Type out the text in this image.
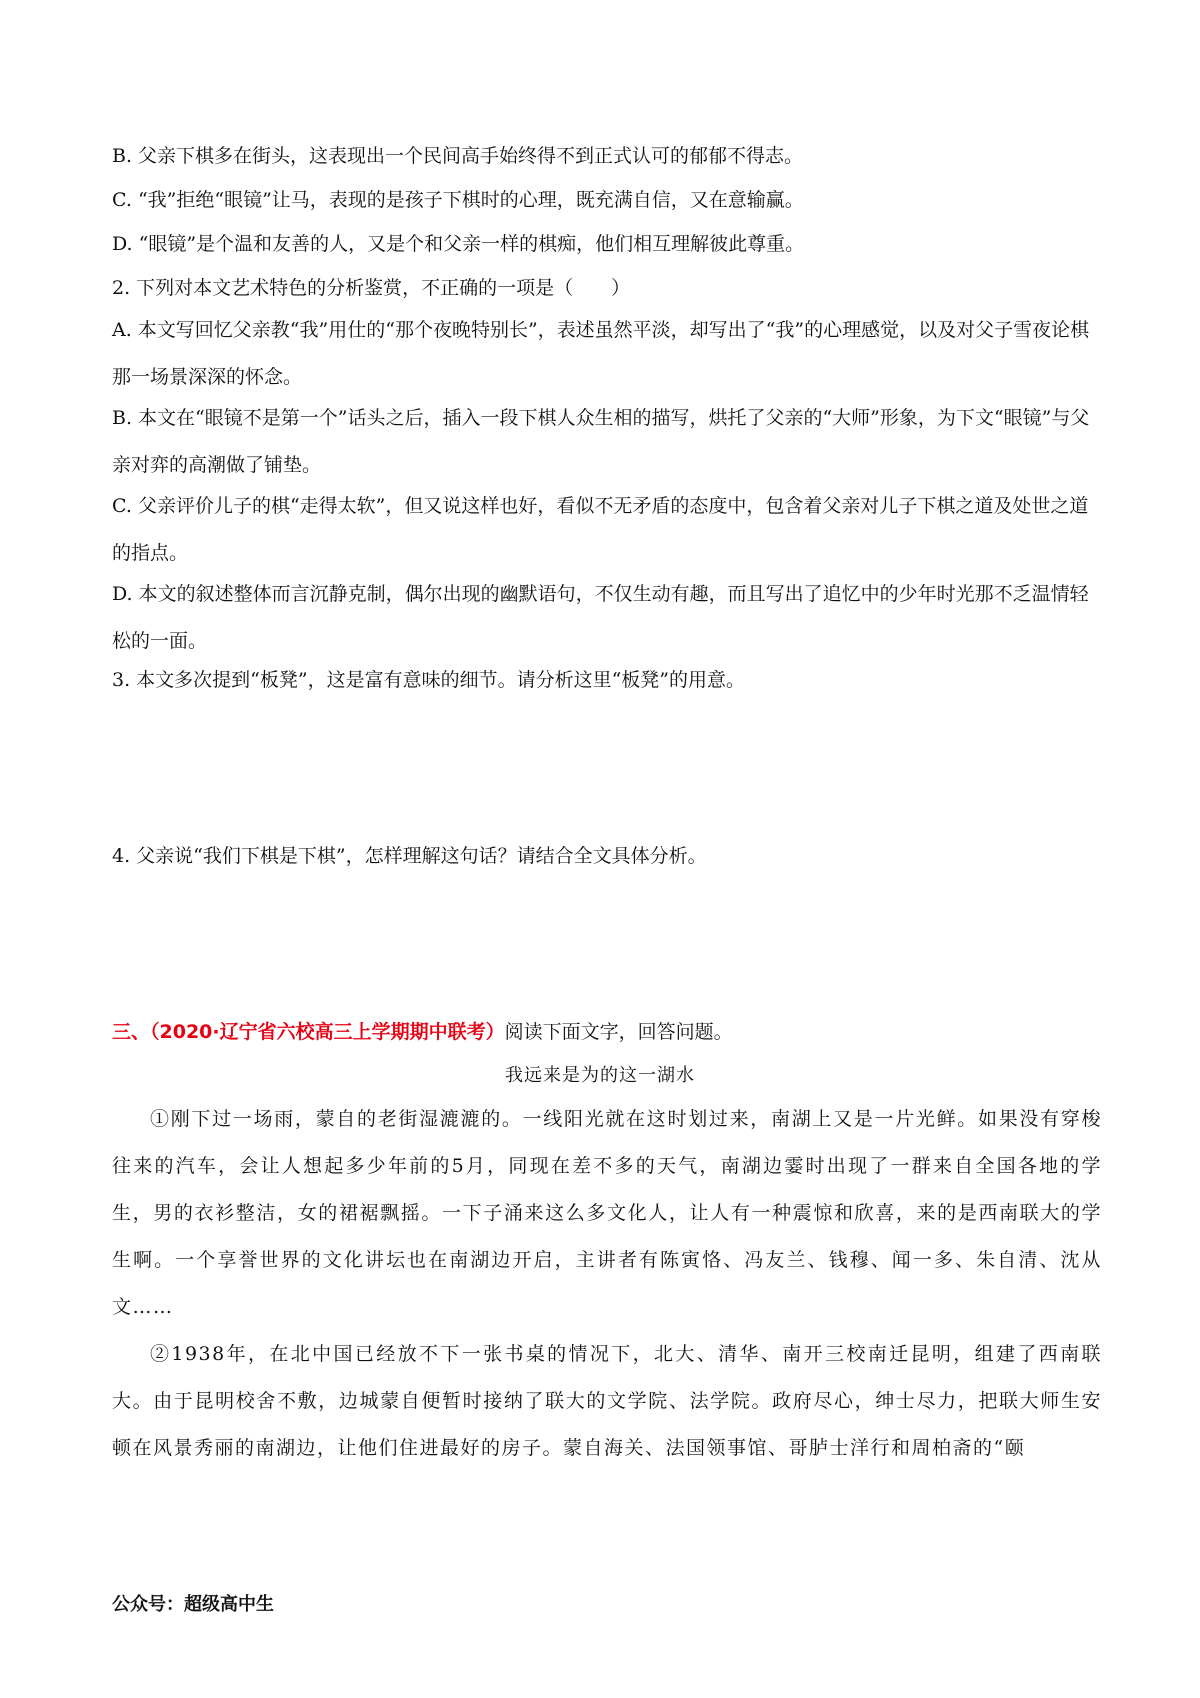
B. 父亲下棋多在街头，这表现出一个民间高手始终得不到正式认可的郁郁不得志。

C. “我”拒绝“眼镜”让马，表现的是孩子下棋时的心理，既充满自信，又在意输赢。

D. “眼镜”是个温和友善的人，又是个和父亲一样的棋痴，他们相互理解彼此尊重。

2. 下列对本文艺术特色的分析鉴赏，不正确的一项是（　　）

A. 本文写回忆父亲教“我”用仕的“那个夜晚特别长”，表述虽然平淡，却写出了“我”的心理感觉，以及对父子雪夜论棋那一场景深深的怀念。

B. 本文在“眼镜不是第一个”话头之后，插入一段下棋人众生相的描写，烘托了父亲的“大师”形象，为下文“眼镜”与父亲对弈的高潮做了铺垫。

C. 父亲评价儿子的棋“走得太软”，但又说这样也好，看似不无矛盾的态度中，包含着父亲对儿子下棋之道及处世之道的指点。

D. 本文的叙述整体而言沉静克制，偶尔出现的幽默语句，不仅生动有趣，而且写出了追忆中的少年时光那不乏温情轻松的一面。

3. 本文多次提到“板凳”，这是富有意味的细节。请分析这里“板凳”的用意。

4. 父亲说“我们下棋是下棋”，怎样理解这句话？请结合全文具体分析。

三、（2020·辽宁省六校高三上学期期中联考）阅读下面文字，回答问题。

我远来是为的这一湖水

①刚下过一场雨，蒙自的老街湿漉漉的。一线阳光就在这时划过来，南湖上又是一片光鲜。如果没有穿梭往来的汽车，会让人想起多少年前的5月，同现在差不多的天气，南湖边霎时出现了一群来自全国各地的学生，男的衣衫整洁，女的裙裾飘摇。一下子涌来这么多文化人，让人有一种震惊和欣喜，来的是西南联大的学生啊。一个享誉世界的文化讲坛也在南湖边开启，主讲者有陈寅恪、冯友兰、钱穆、闻一多、朱自清、沈从文……

②1938年，在北中国已经放不下一张书桌的情况下，北大、清华、南开三校南迁昆明，组建了西南联大。由于昆明校舍不敷，边城蒙自便暂时接纳了联大的文学院、法学院。政府尽心，绅士尽力，把联大师生安顿在风景秀丽的南湖边，让他们住进最好的房子。蒙自海关、法国领事馆、哥胪士洋行和周柏斋的“颐

公众号：超级高中生
